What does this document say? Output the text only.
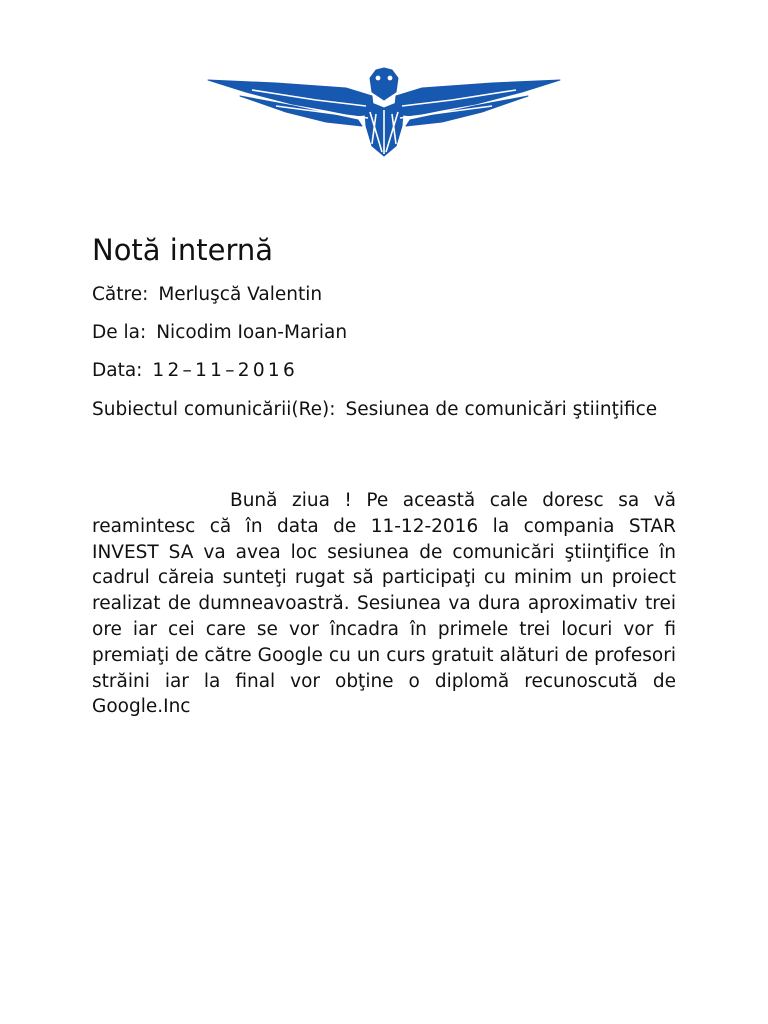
Notă internă
Către: Merluşcă Valentin
De la: Nicodim Ioan-Marian
Data: 12–11–2016
Subiectul comunicării(Re): Sesiunea de comunicări ştiinţifice
Bună ziua ! Pe această cale doresc sa vă reamintesc că în data de 11-12-2016 la compania STAR INVEST SA va avea loc sesiunea de comunicări ştiinţifice în cadrul căreia sunteţi rugat să participaţi cu minim un proiect realizat de dumneavoastră. Sesiunea va dura aproximativ trei ore iar cei care se vor încadra în primele trei locuri vor fi premiaţi de către Google cu un curs gratuit alături de profesori străini iar la final vor obţine o diplomă recunoscută de Google.Inc
